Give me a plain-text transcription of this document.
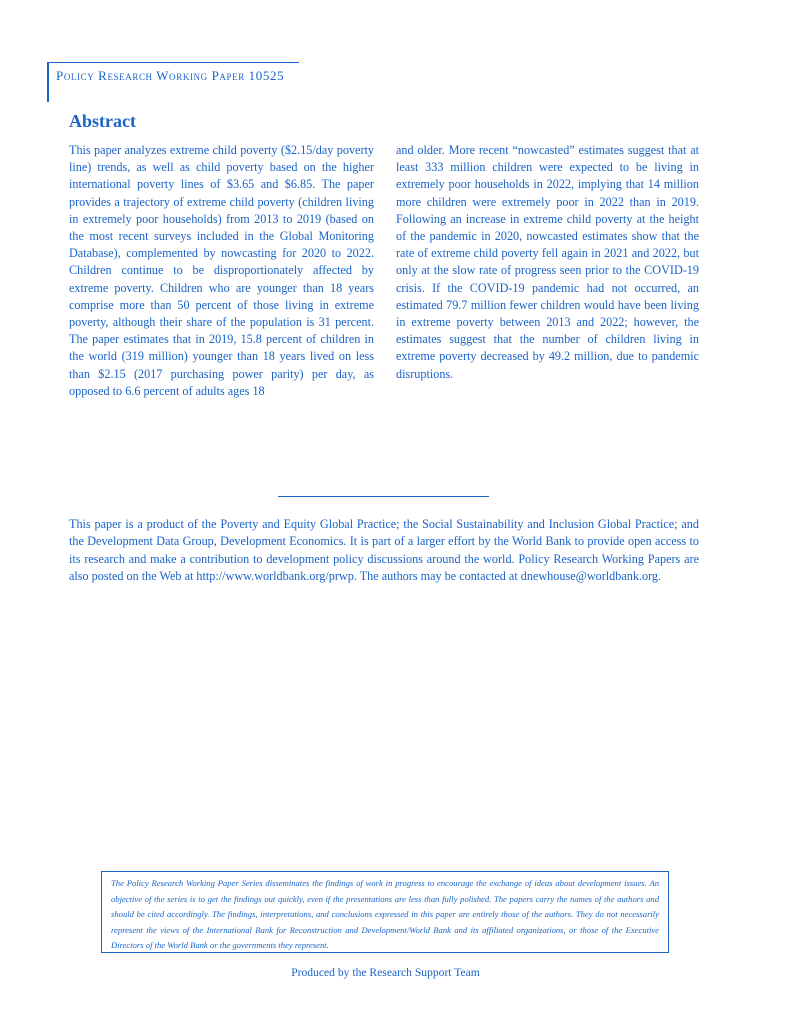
Policy Research Working Paper 10525
Abstract

This paper analyzes extreme child poverty ($2.15/day poverty line) trends, as well as child poverty based on the higher international poverty lines of $3.65 and $6.85. The paper provides a trajectory of extreme child poverty (children living in extremely poor households) from 2013 to 2019 (based on the most recent surveys included in the Global Monitoring Database), complemented by nowcasting for 2020 to 2022. Children continue to be disproportionately affected by extreme poverty. Children who are younger than 18 years comprise more than 50 percent of those living in extreme poverty, although their share of the population is 31 percent. The paper estimates that in 2019, 15.8 percent of children in the world (319 million) younger than 18 years lived on less than $2.15 (2017 purchasing power parity) per day, as opposed to 6.6 percent of adults ages 18

and older. More recent “nowcasted” estimates suggest that at least 333 million children were expected to be living in extremely poor households in 2022, implying that 14 million more children were extremely poor in 2022 than in 2019. Following an increase in extreme child poverty at the height of the pandemic in 2020, nowcasted estimates show that the rate of extreme child poverty fell again in 2021 and 2022, but only at the slow rate of progress seen prior to the COVID-19 crisis. If the COVID-19 pandemic had not occurred, an estimated 79.7 million fewer children would have been living in extreme poverty between 2013 and 2022; however, the estimates suggest that the number of children living in extreme poverty decreased by 49.2 million, due to pandemic disruptions.

This paper is a product of the Poverty and Equity Global Practice; the Social Sustainability and Inclusion Global Practice; and the Development Data Group, Development Economics. It is part of a larger effort by the World Bank to provide open access to its research and make a contribution to development policy discussions around the world. Policy Research Working Papers are also posted on the Web at http://www.worldbank.org/prwp. The authors may be contacted at dnewhouse@worldbank.org.

The Policy Research Working Paper Series disseminates the findings of work in progress to encourage the exchange of ideas about development issues. An objective of the series is to get the findings out quickly, even if the presentations are less than fully polished. The papers carry the names of the authors and should be cited accordingly. The findings, interpretations, and conclusions expressed in this paper are entirely those of the authors. They do not necessarily represent the views of the International Bank for Reconstruction and Development/World Bank and its affiliated organizations, or those of the Executive Directors of the World Bank or the governments they represent.

Produced by the Research Support Team
